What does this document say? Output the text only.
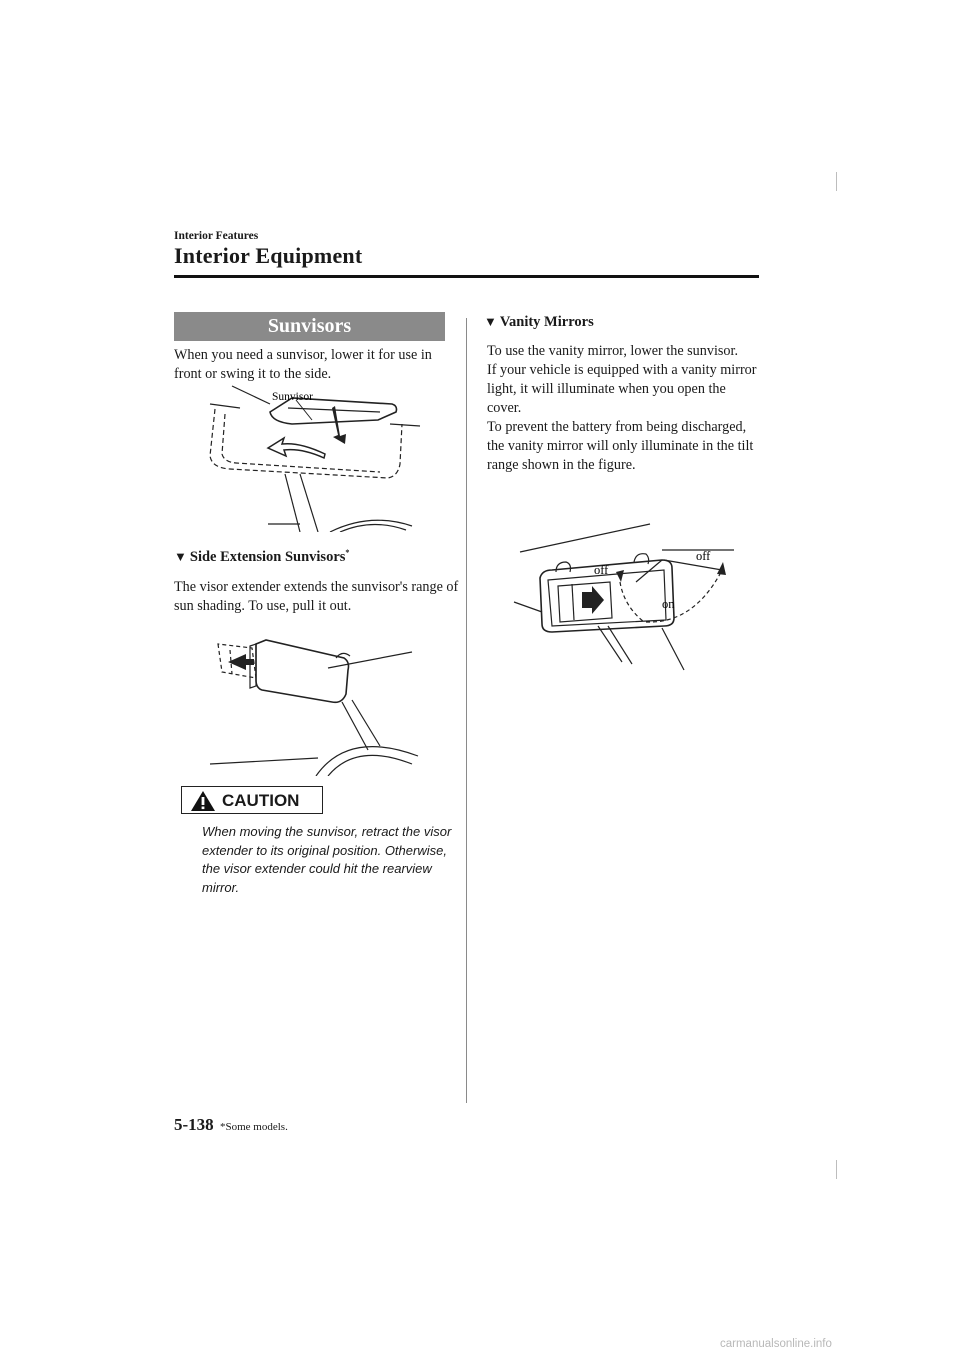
Interior Features
Interior Equipment
Sunvisors
When you need a sunvisor, lower it for use in front or swing it to the side.
Sunvisor
▼ Side Extension Sunvisors*
The visor extender extends the sunvisor's range of sun shading. To use, pull it out.
CAUTION
When moving the sunvisor, retract the visor extender to its original position. Otherwise, the visor extender could hit the rearview mirror.
▼ Vanity Mirrors

To use the vanity mirror, lower the sunvisor.

If your vehicle is equipped with a vanity mirror light, it will illuminate when you open the cover.

To prevent the battery from being discharged, the vanity mirror will only illuminate in the tilt range shown in the figure.

off
off
on
5-138 *Some models.
carmanualsonline.info
